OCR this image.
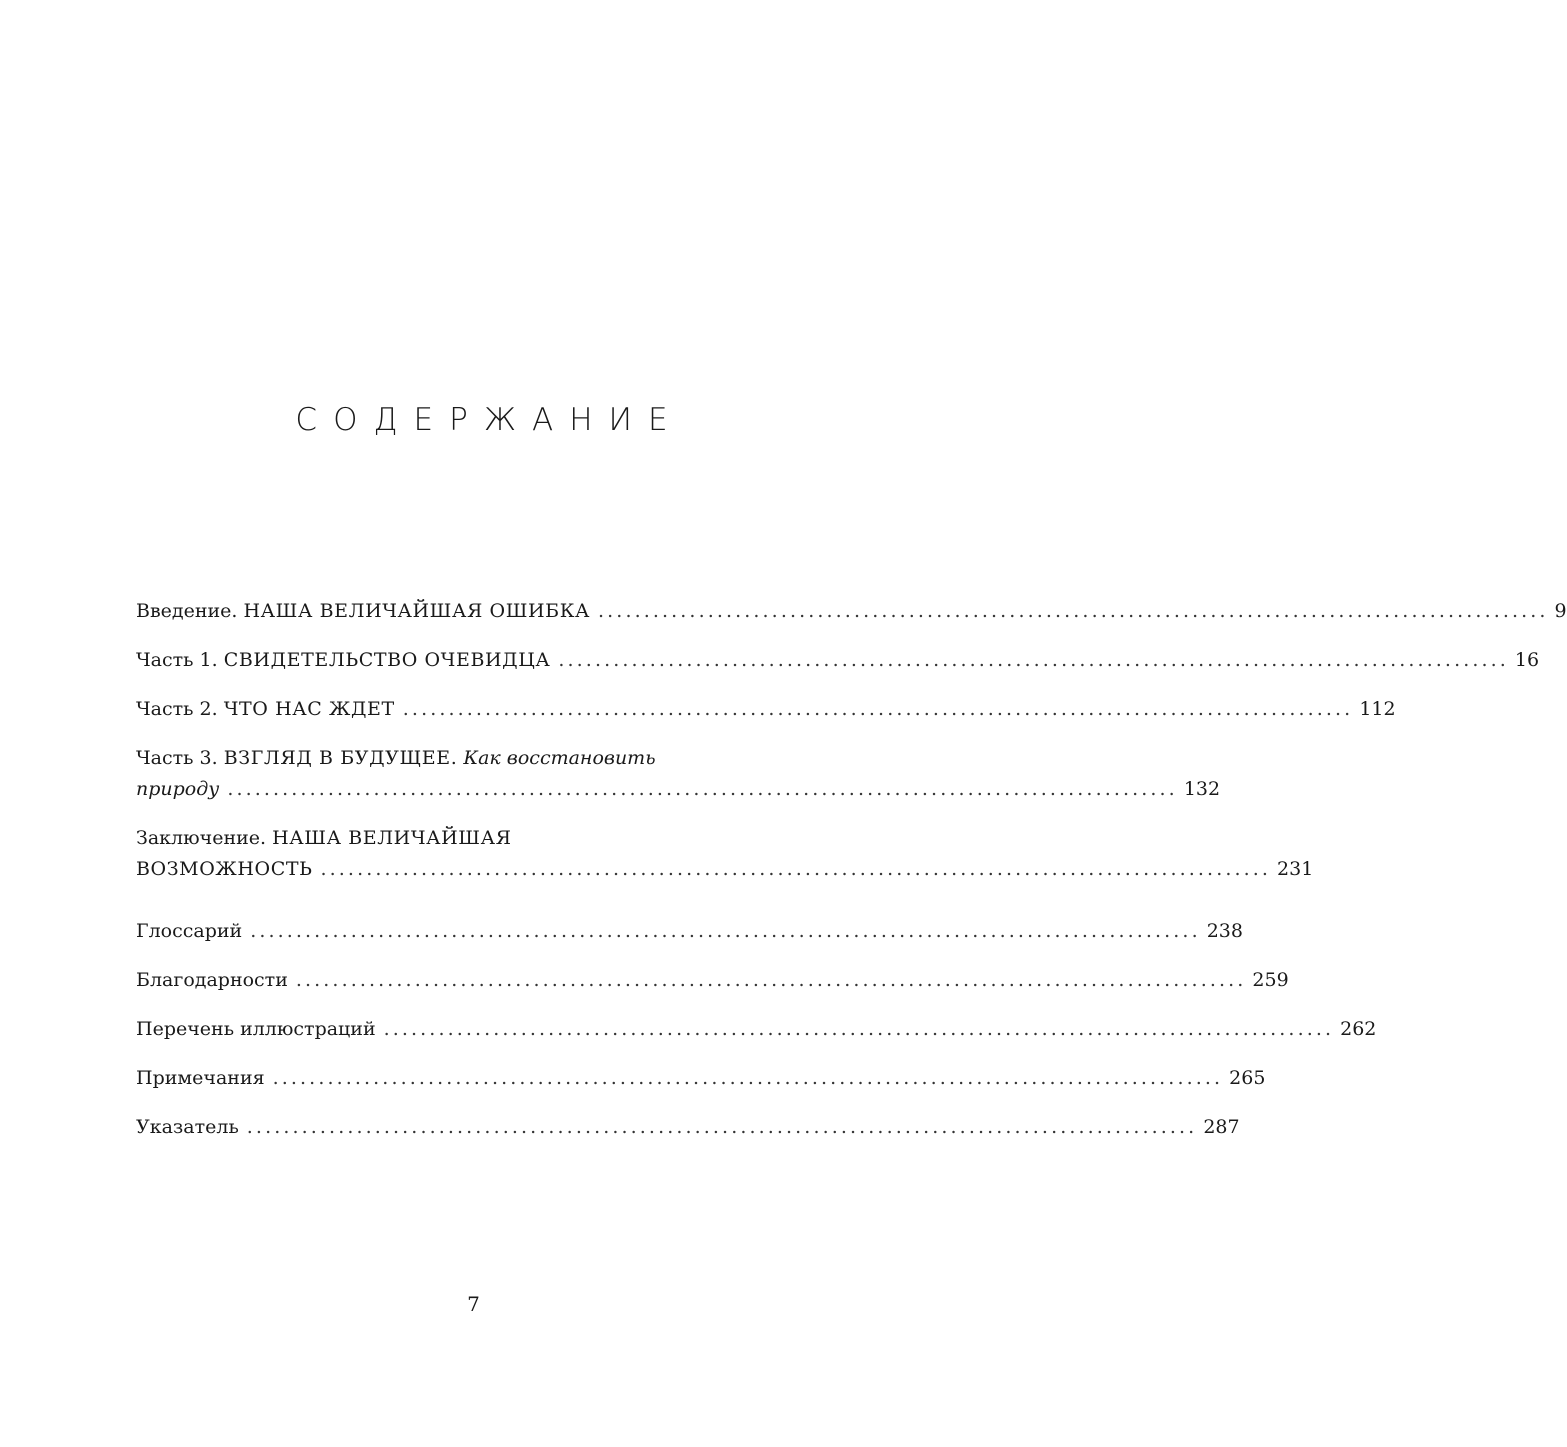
СОДЕРЖАНИЕ
Введение. НАША ВЕЛИЧАЙШАЯ ОШИБКА ........................................................................................................ 9
Часть 1. СВИДЕТЕЛЬСТВО ОЧЕВИДЦА ........................................................................................................ 16
Часть 2. ЧТО НАС ЖДЕТ ........................................................................................................ 112
Часть 3. ВЗГЛЯД В БУДУЩЕЕ. Как восстановить
природу ........................................................................................................ 132
Заключение. НАША ВЕЛИЧАЙШАЯ
ВОЗМОЖНОСТЬ ........................................................................................................ 231
Глоссарий ........................................................................................................ 238
Благодарности ........................................................................................................ 259
Перечень иллюстраций ........................................................................................................ 262
Примечания ........................................................................................................ 265
Указатель ........................................................................................................ 287
7
